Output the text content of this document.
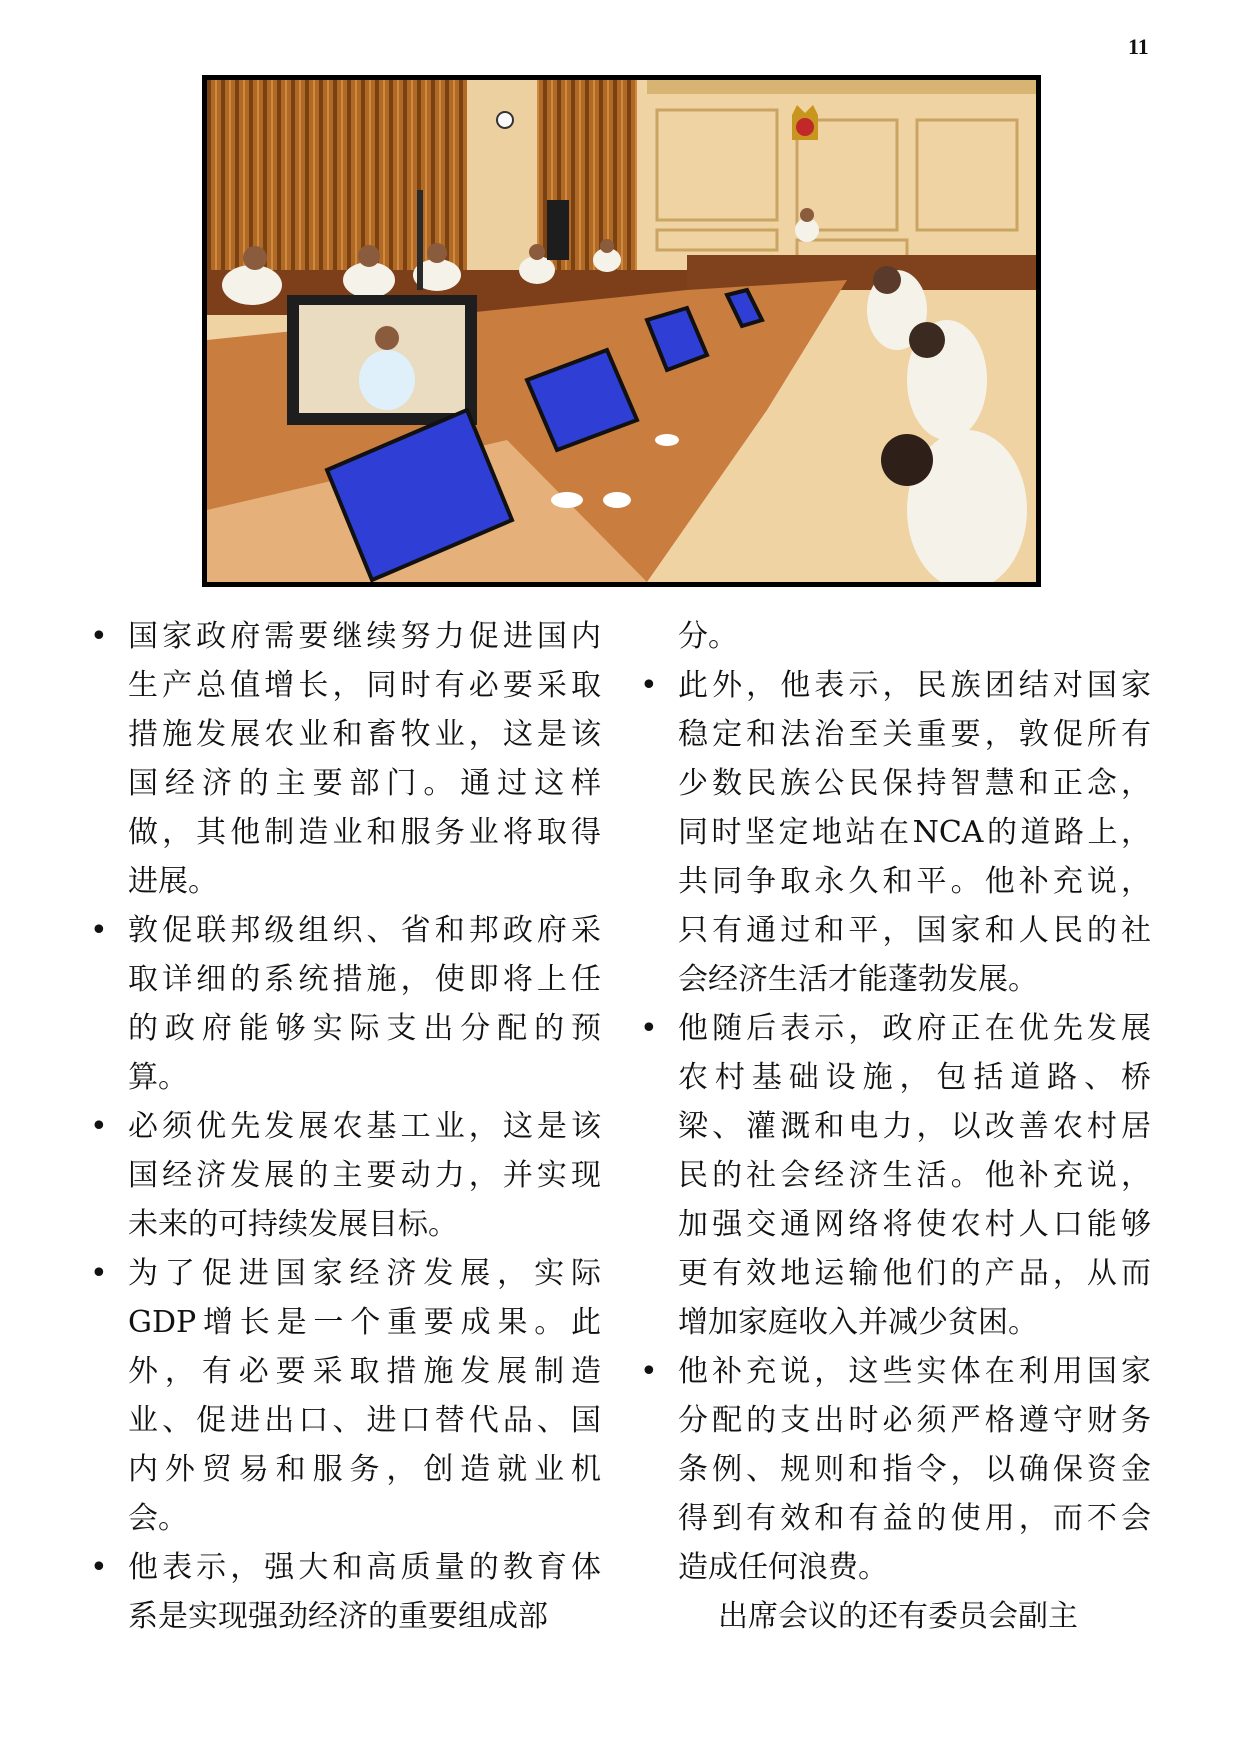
11
•
国家政府需要继续努力促进国内
生产总值增长，同时有必要采取
措施发展农业和畜牧业，这是该
国经济的主要部门。通过这样
做，其他制造业和服务业将取得
进展。
•
敦促联邦级组织、省和邦政府采
取详细的系统措施，使即将上任
的政府能够实际支出分配的预
算。
•
必须优先发展农基工业，这是该
国经济发展的主要动力，并实现
未来的可持续发展目标。
•
为了促进国家经济发展，实际
GDP增长是一个重要成果。此
外，有必要采取措施发展制造
业、促进出口、进口替代品、国
内外贸易和服务，创造就业机
会。
•
他表示，强大和高质量的教育体
系是实现强劲经济的重要组成部
分。
•
此外，他表示，民族团结对国家
稳定和法治至关重要，敦促所有
少数民族公民保持智慧和正念，
同时坚定地站在NCA的道路上，
共同争取永久和平。他补充说，
只有通过和平，国家和人民的社
会经济生活才能蓬勃发展。
•
他随后表示，政府正在优先发展
农村基础设施，包括道路、桥
梁、灌溉和电力，以改善农村居
民的社会经济生活。他补充说，
加强交通网络将使农村人口能够
更有效地运输他们的产品，从而
增加家庭收入并减少贫困。
•
他补充说，这些实体在利用国家
分配的支出时必须严格遵守财务
条例、规则和指令，以确保资金
得到有效和有益的使用，而不会
造成任何浪费。
出席会议的还有委员会副主
